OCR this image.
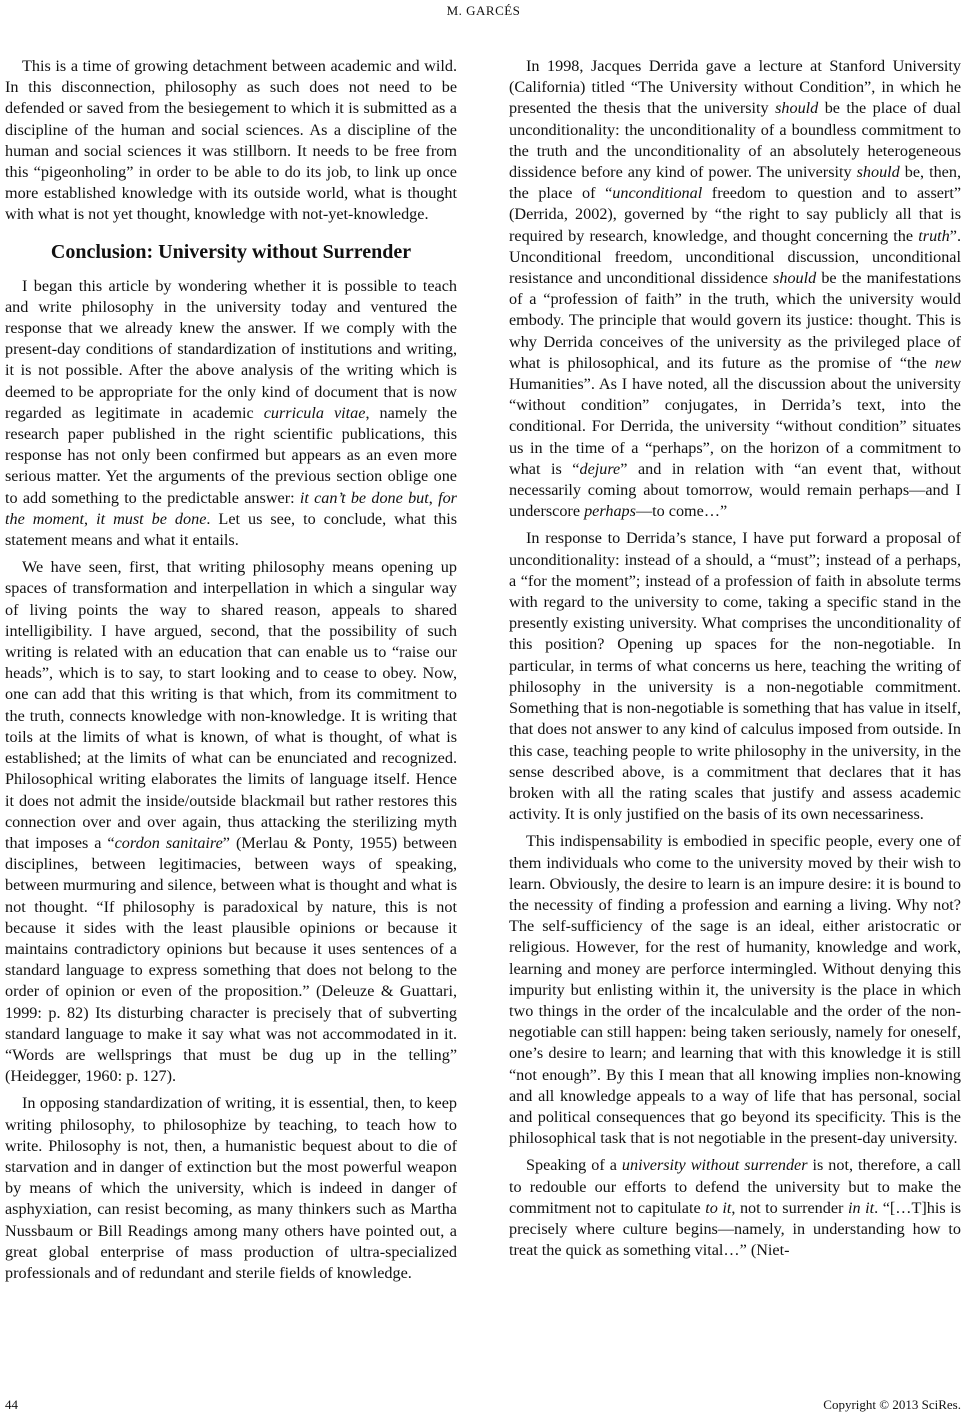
M. GARCÉS

This is a time of growing detachment between academic and wild. In this disconnection, philosophy as such does not need to be defended or saved from the besiegement to which it is submitted as a discipline of the human and social sciences. As a discipline of the human and social sciences it was stillborn. It needs to be free from this “pigeonholing” in order to be able to do its job, to link up once more established knowledge with its outside world, what is thought with what is not yet thought, knowledge with not-yet-knowledge.

Conclusion: University without Surrender

I began this article by wondering whether it is possible to teach and write philosophy in the university today and ventured the response that we already knew the answer. If we comply with the present-day conditions of standardization of institutions and writing, it is not possible. After the above analysis of the writing which is deemed to be appropriate for the only kind of document that is now regarded as legitimate in academic curricula vitae, namely the research paper published in the right scientific publications, this response has not only been confirmed but appears as an even more serious matter. Yet the arguments of the previous section oblige one to add something to the predictable answer: it can’t be done but, for the moment, it must be done. Let us see, to conclude, what this statement means and what it entails.

We have seen, first, that writing philosophy means opening up spaces of transformation and interpellation in which a singular way of living points the way to shared reason, appeals to shared intelligibility. I have argued, second, that the possibility of such writing is related with an education that can enable us to “raise our heads”, which is to say, to start looking and to cease to obey. Now, one can add that this writing is that which, from its commitment to the truth, connects knowledge with non-knowledge. It is writing that toils at the limits of what is known, of what is thought, of what is established; at the limits of what can be enunciated and recognized. Philosophical writing elaborates the limits of language itself. Hence it does not admit the inside/outside blackmail but rather restores this connection over and over again, thus attacking the sterilizing myth that imposes a “cordon sanitaire” (Merlau & Ponty, 1955) between disciplines, between legitimacies, between ways of speaking, between murmuring and silence, between what is thought and what is not thought. “If philosophy is paradoxical by nature, this is not because it sides with the least plausible opinions or because it maintains contradictory opinions but because it uses sentences of a standard language to express something that does not belong to the order of opinion or even of the proposition.” (Deleuze & Guattari, 1999: p. 82) Its disturbing character is precisely that of subverting standard language to make it say what was not accommodated in it. “Words are wellsprings that must be dug up in the telling” (Heidegger, 1960: p. 127).

In opposing standardization of writing, it is essential, then, to keep writing philosophy, to philosophize by teaching, to teach how to write. Philosophy is not, then, a humanistic bequest about to die of starvation and in danger of extinction but the most powerful weapon by means of which the university, which is indeed in danger of asphyxiation, can resist becoming, as many thinkers such as Martha Nussbaum or Bill Readings among many others have pointed out, a great global enterprise of mass production of ultra-specialized professionals and of redundant and sterile fields of knowledge.

In 1998, Jacques Derrida gave a lecture at Stanford University (California) titled “The University without Condition”, in which he presented the thesis that the university should be the place of dual unconditionality: the unconditionality of a boundless commitment to the truth and the unconditionality of an absolutely heterogeneous dissidence before any kind of power. The university should be, then, the place of “unconditional freedom to question and to assert” (Derrida, 2002), governed by “the right to say publicly all that is required by research, knowledge, and thought concerning the truth”. Unconditional freedom, unconditional discussion, unconditional resistance and unconditional dissidence should be the manifestations of a “profession of faith” in the truth, which the university would embody. The principle that would govern its justice: thought. This is why Derrida conceives of the university as the privileged place of what is philosophical, and its future as the promise of “the new Humanities”. As I have noted, all the discussion about the university “without condition” conjugates, in Derrida’s text, into the conditional. For Derrida, the university “without condition” situates us in the time of a “perhaps”, on the horizon of a commitment to what is “dejure” and in relation with “an event that, without necessarily coming about tomorrow, would remain perhaps—and I underscore perhaps—to come…”

In response to Derrida’s stance, I have put forward a proposal of unconditionality: instead of a should, a “must”; instead of a perhaps, a “for the moment”; instead of a profession of faith in absolute terms with regard to the university to come, taking a specific stand in the presently existing university. What comprises the unconditionality of this position? Opening up spaces for the non-negotiable. In particular, in terms of what concerns us here, teaching the writing of philosophy in the university is a non-negotiable commitment. Something that is non-negotiable is something that has value in itself, that does not answer to any kind of calculus imposed from outside. In this case, teaching people to write philosophy in the university, in the sense described above, is a commitment that declares that it has broken with all the rating scales that justify and assess academic activity. It is only justified on the basis of its own necessariness.

This indispensability is embodied in specific people, every one of them individuals who come to the university moved by their wish to learn. Obviously, the desire to learn is an impure desire: it is bound to the necessity of finding a profession and earning a living. Why not? The self-sufficiency of the sage is an ideal, either aristocratic or religious. However, for the rest of humanity, knowledge and work, learning and money are perforce intermingled. Without denying this impurity but enlisting within it, the university is the place in which two things in the order of the incalculable and the order of the non-negotiable can still happen: being taken seriously, namely for oneself, one’s desire to learn; and learning that with this knowledge it is still “not enough”. By this I mean that all knowing implies non-knowing and all knowledge appeals to a way of life that has personal, social and political consequences that go beyond its specificity. This is the philosophical task that is not negotiable in the present-day university.

Speaking of a university without surrender is not, therefore, a call to redouble our efforts to defend the university but to make the commitment not to capitulate to it, not to surrender in it. “[…T]his is precisely where culture begins—namely, in understanding how to treat the quick as something vital…” (Niet-

44	Copyright © 2013 SciRes.
